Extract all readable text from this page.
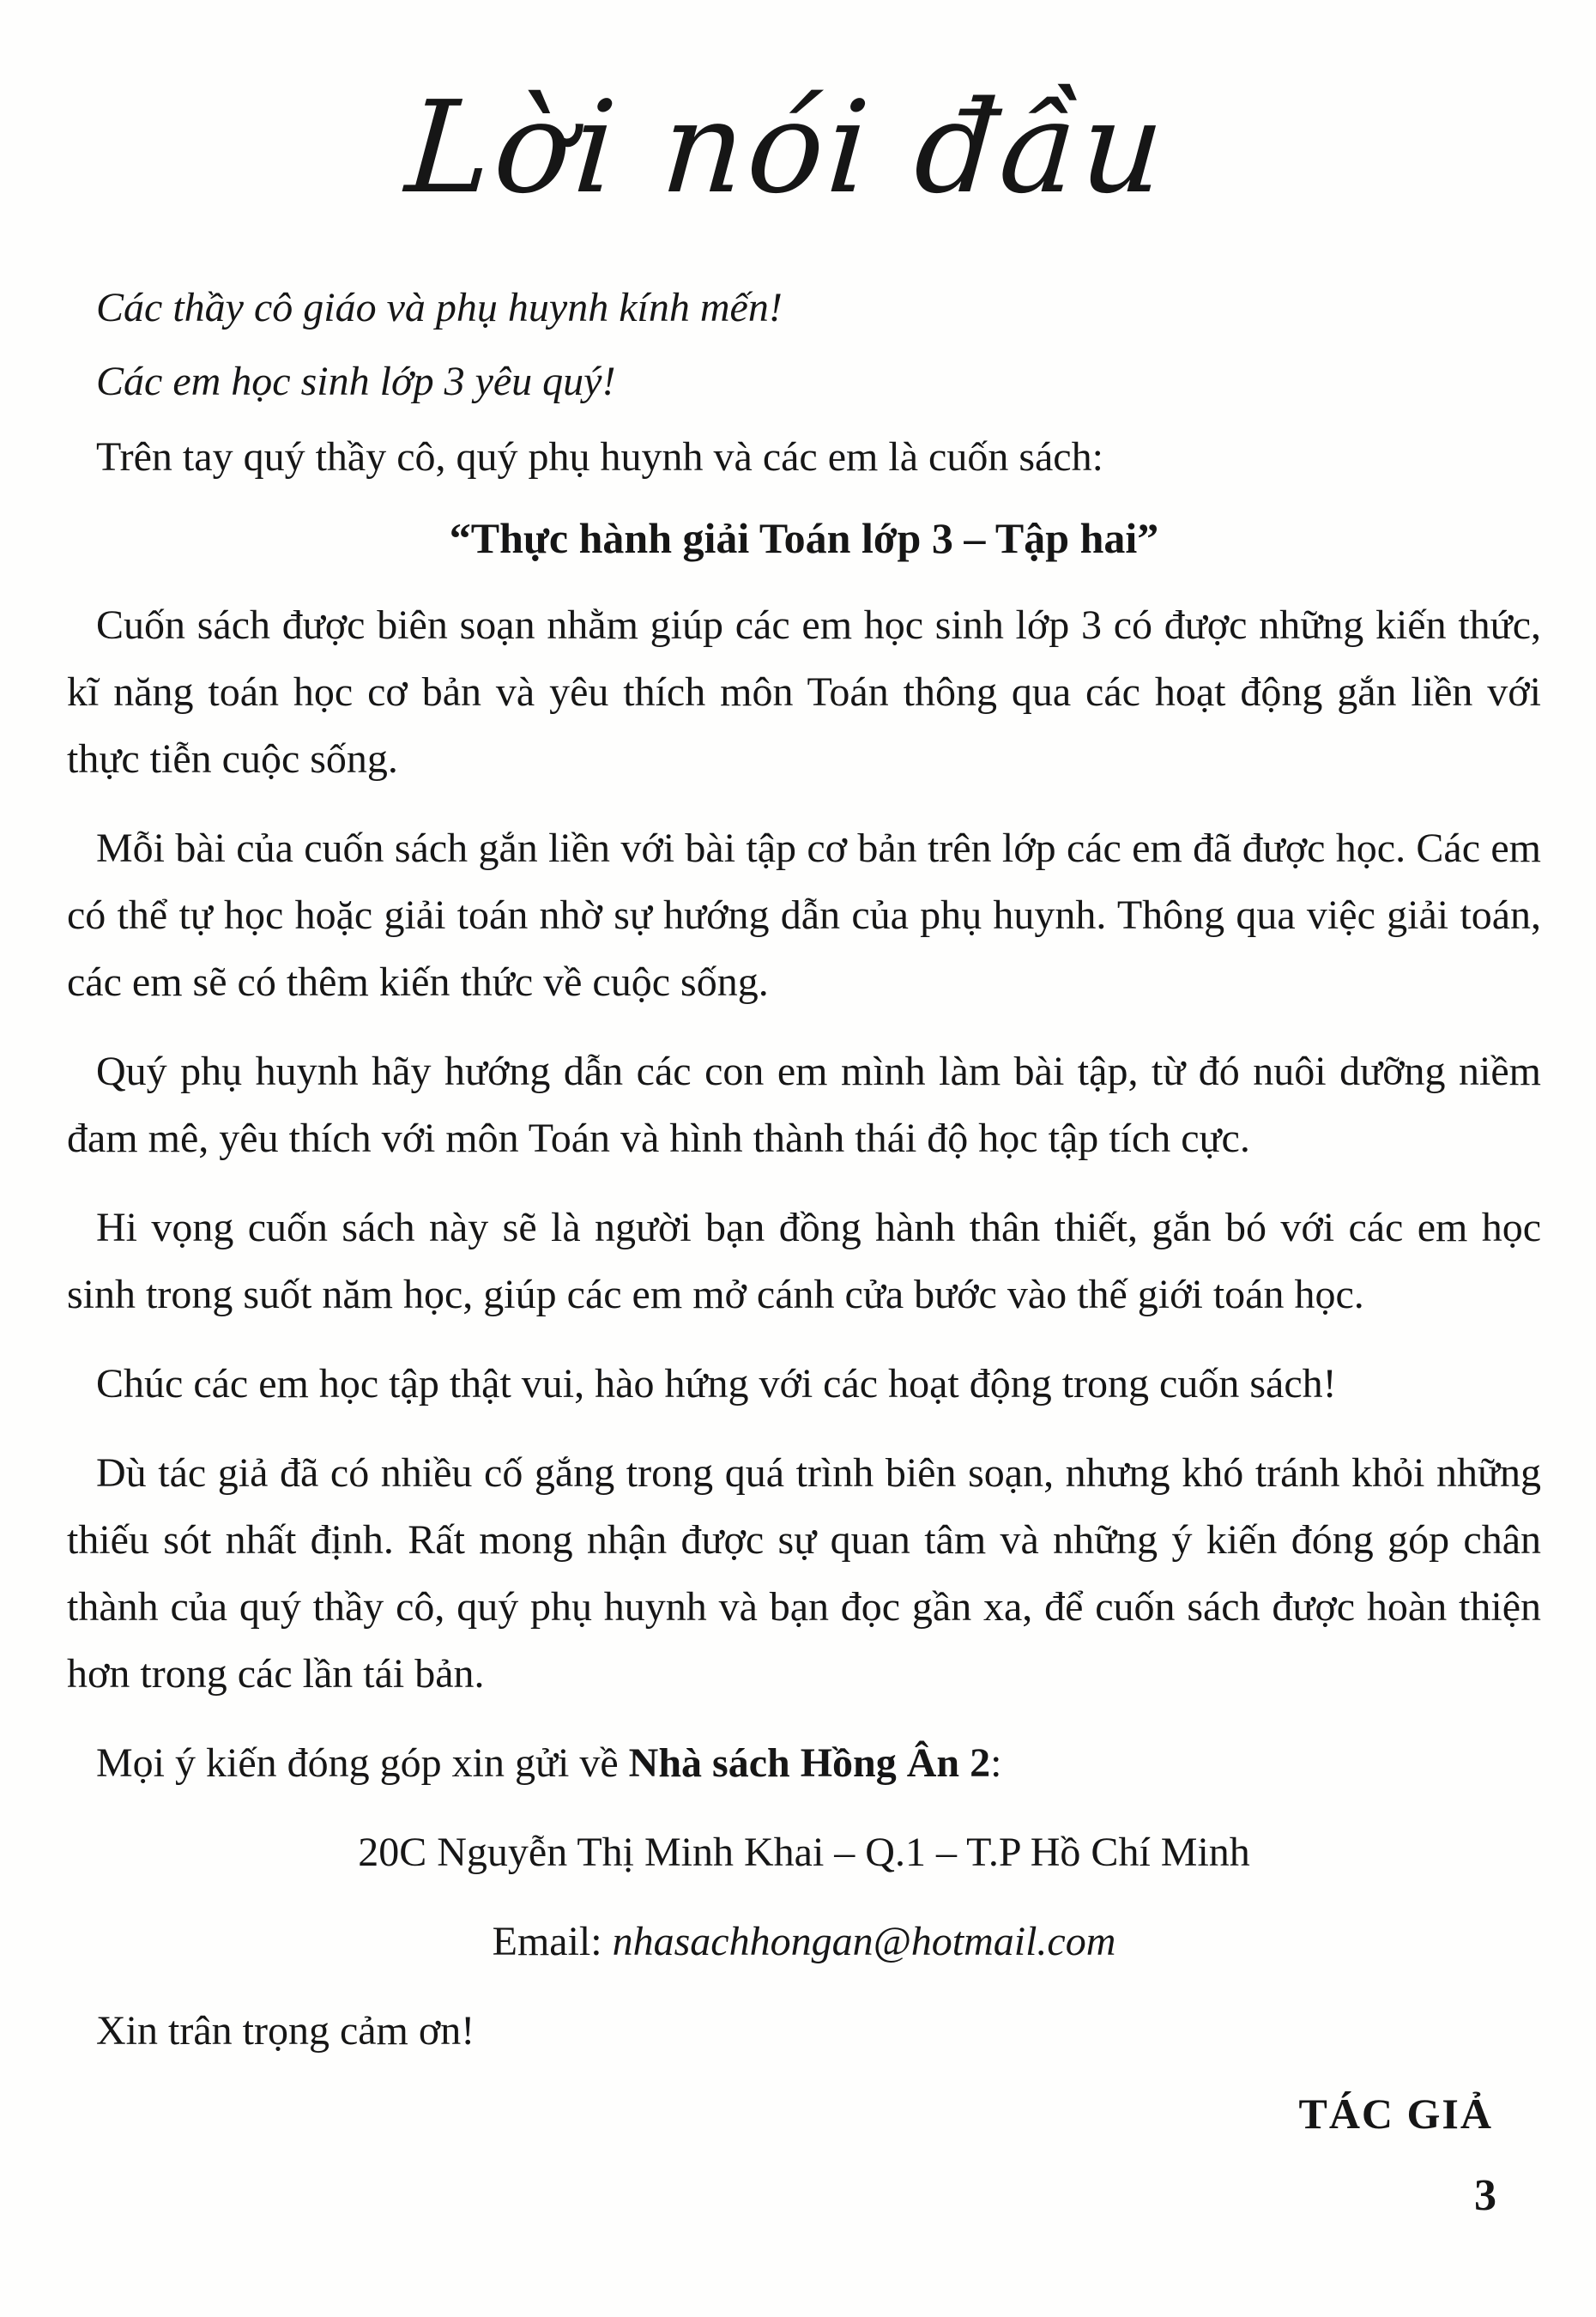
Lời nói đầu

Các thầy cô giáo và phụ huynh kính mến!

Các em học sinh lớp 3 yêu quý!

Trên tay quý thầy cô, quý phụ huynh và các em là cuốn sách:

“Thực hành giải Toán lớp 3 – Tập hai”

Cuốn sách được biên soạn nhằm giúp các em học sinh lớp 3 có được những kiến thức, kĩ năng toán học cơ bản và yêu thích môn Toán thông qua các hoạt động gắn liền với thực tiễn cuộc sống.

Mỗi bài của cuốn sách gắn liền với bài tập cơ bản trên lớp các em đã được học. Các em có thể tự học hoặc giải toán nhờ sự hướng dẫn của phụ huynh. Thông qua việc giải toán, các em sẽ có thêm kiến thức về cuộc sống.

Quý phụ huynh hãy hướng dẫn các con em mình làm bài tập, từ đó nuôi dưỡng niềm đam mê, yêu thích với môn Toán và hình thành thái độ học tập tích cực.

Hi vọng cuốn sách này sẽ là người bạn đồng hành thân thiết, gắn bó với các em học sinh trong suốt năm học, giúp các em mở cánh cửa bước vào thế giới toán học.

Chúc các em học tập thật vui, hào hứng với các hoạt động trong cuốn sách!

Dù tác giả đã có nhiều cố gắng trong quá trình biên soạn, nhưng khó tránh khỏi những thiếu sót nhất định. Rất mong nhận được sự quan tâm và những ý kiến đóng góp chân thành của quý thầy cô, quý phụ huynh và bạn đọc gần xa, để cuốn sách được hoàn thiện hơn trong các lần tái bản.

Mọi ý kiến đóng góp xin gửi về Nhà sách Hồng Ân 2:

20C Nguyễn Thị Minh Khai – Q.1 – T.P Hồ Chí Minh

Email: nhasachhongan@hotmail.com

Xin trân trọng cảm ơn!

TÁC GIẢ

3
